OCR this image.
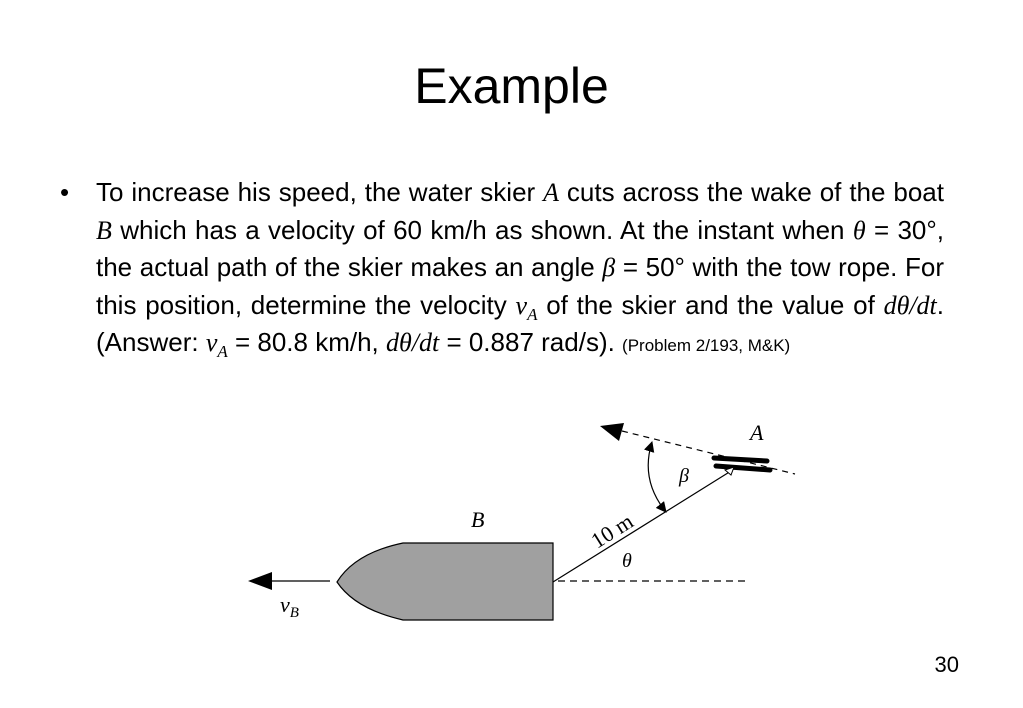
Example
• To increase his speed, the water skier A cuts across the wake of the boat B which has a velocity of 60 km/h as shown. At the instant when θ = 30°, the actual path of the skier makes an angle β = 50° with the tow rope. For this position, determine the velocity $v_A$ of the skier and the value of dθ/dt. (Answer: $v_A = 80.8$ km/h, dθ/dt = 0.887 rad/s). (Problem 2/193, M&K)
A
β
B
θ
10 m
$v_B$
30
